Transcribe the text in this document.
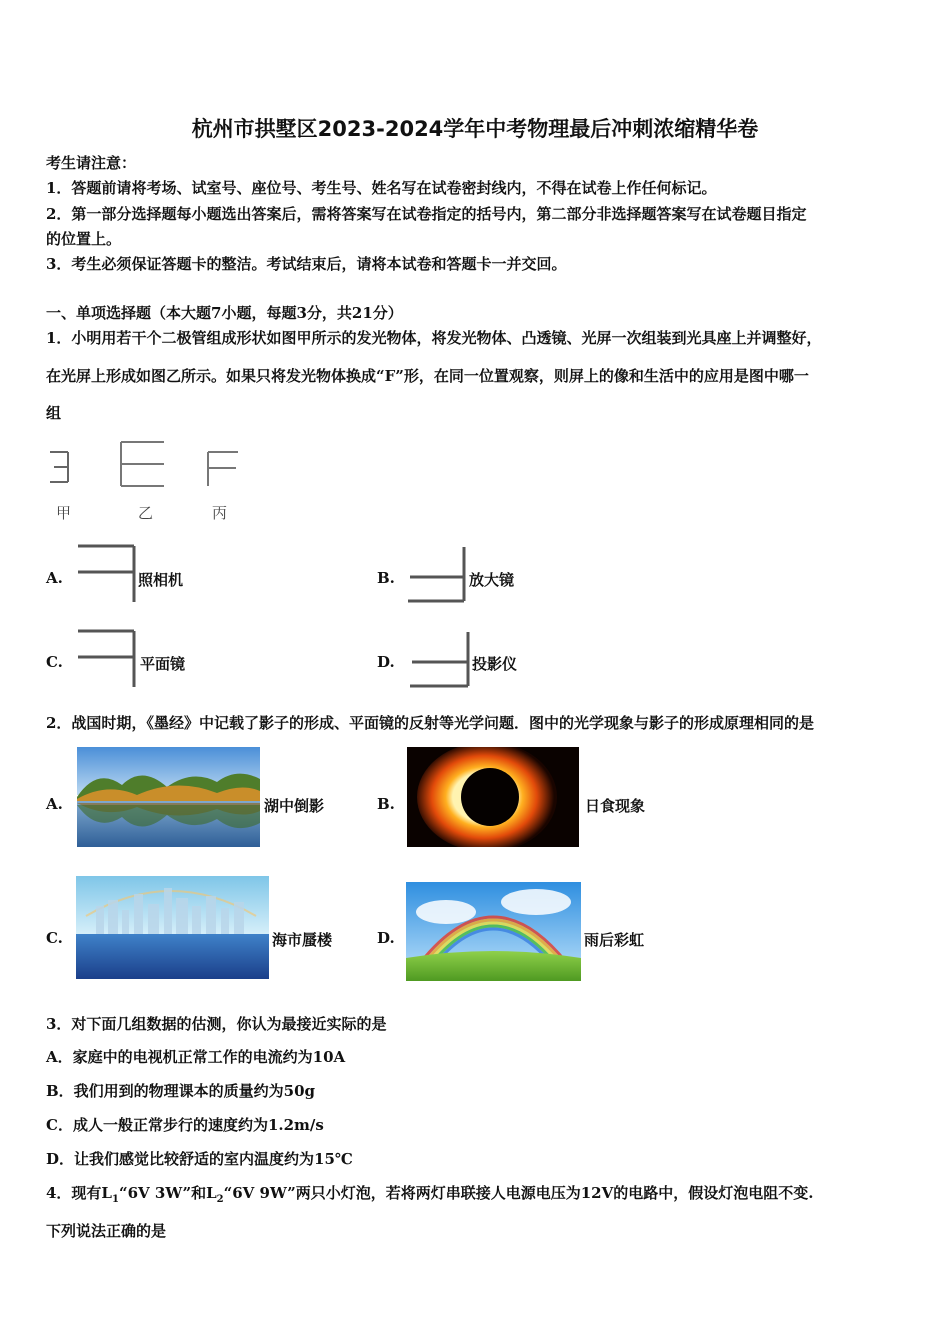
杭州市拱墅区2023-2024学年中考物理最后冲刺浓缩精华卷
考生请注意：
1．答题前请将考场、试室号、座位号、考生号、姓名写在试卷密封线内，不得在试卷上作任何标记。
2．第一部分选择题每小题选出答案后，需将答案写在试卷指定的括号内，第二部分非选择题答案写在试卷题目指定
的位置上。
3．考生必须保证答题卡的整洁。考试结束后，请将本试卷和答题卡一并交回。
一、单项选择题（本大题7小题，每题3分，共21分）
1．小明用若干个二极管组成形状如图甲所示的发光物体，将发光物体、凸透镜、光屏一次组装到光具座上并调整好，
在光屏上形成如图乙所示。如果只将发光物体换成“F”形，在同一位置观察，则屏上的像和生活中的应用是图中哪一
组
甲	乙	丙
A.	照相机	B.	放大镜
C.	平面镜	D.	投影仪
2．战国时期，《墨经》中记载了影子的形成、平面镜的反射等光学问题．图中的光学现象与影子的形成原理相同的是
A.	湖中倒影	B.	日食现象
C.	海市蜃楼	D.	雨后彩虹
3．对下面几组数据的估测，你认为最接近实际的是
A．家庭中的电视机正常工作的电流约为10A
B．我们用到的物理课本的质量约为50g
C．成人一般正常步行的速度约为1.2m/s
D．让我们感觉比较舒适的室内温度约为15℃
4．现有$L_1“6V$ 3W”和$L_2“6V$ 9W”两只小灯泡，若将两灯串联接人电源电压为12V的电路中，假设灯泡电阻不变.
下列说法正确的是
